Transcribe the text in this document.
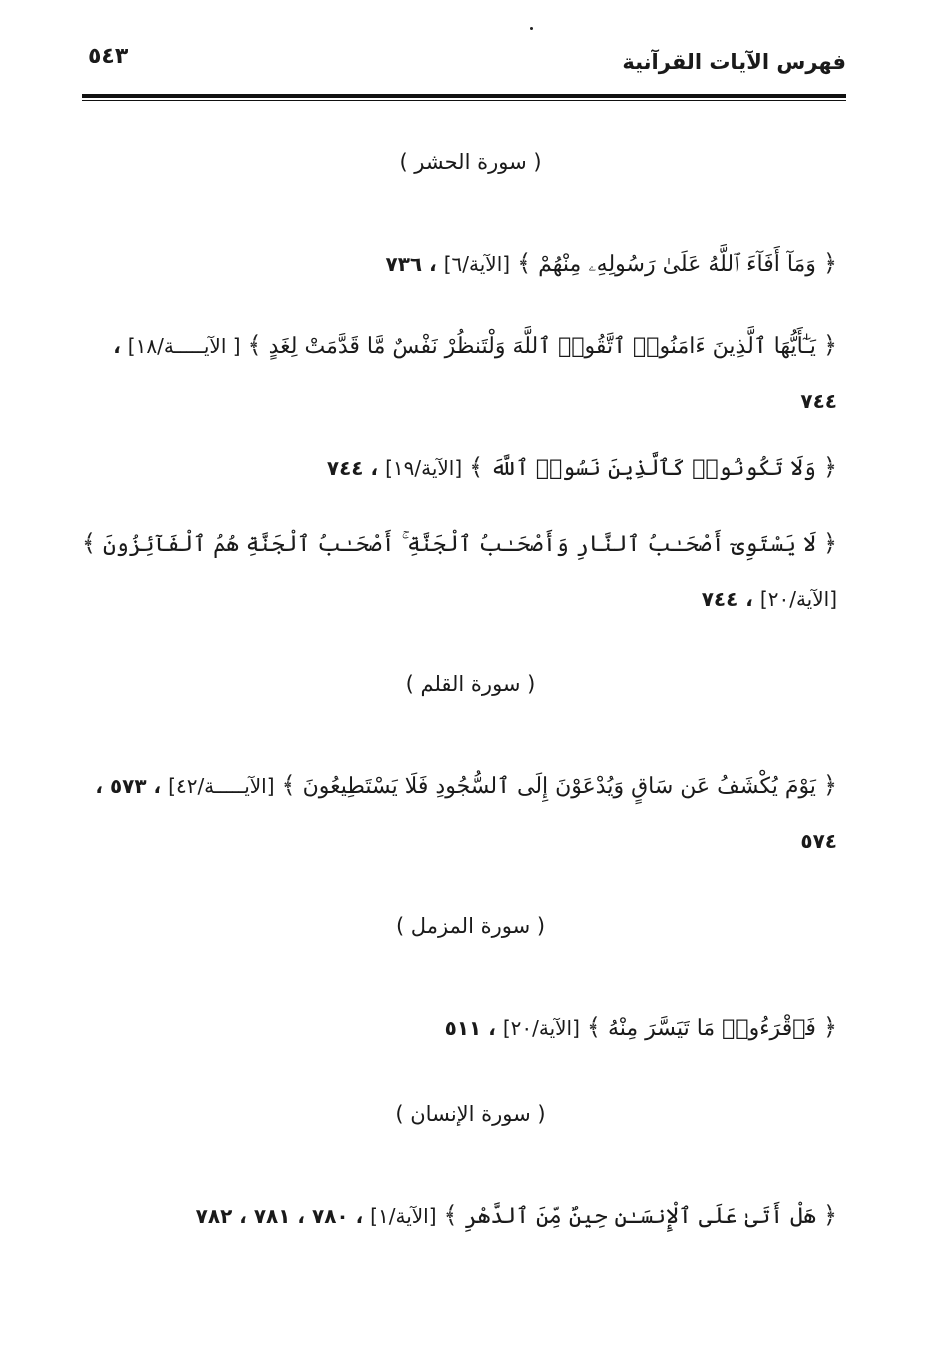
فهرس الآيات القرآنية
٥٤٣
( سورة الحشر )
﴿ وَمَآ أَفَآءَ ٱللَّهُ عَلَىٰ رَسُولِهِۦ مِنْهُمْ ﴾ [الآية/٦] ، ٧٣٦
﴿ يَـٰٓأَيُّهَا ٱلَّذِينَ ءَامَنُوا۟ ٱتَّقُوا۟ ٱللَّهَ وَلْتَنظُرْ نَفْسٌ مَّا قَدَّمَتْ لِغَدٍ ﴾ [ الآيـــــة/١٨] ، ٧٤٤
﴿ وَلَا تَكُونُوا۟ كَٱلَّذِينَ نَسُوا۟ ٱللَّهَ ﴾ [الآية/١٩] ، ٧٤٤
﴿ لَا يَسْتَوِىٓ أَصْحَـٰبُ ٱلنَّارِ وَأَصْحَـٰبُ ٱلْجَنَّةِ ۚ أَصْحَـٰبُ ٱلْجَنَّةِ هُمُ ٱلْفَآئِزُونَ ﴾ [الآية/٢٠] ، ٧٤٤
( سورة القلم )
﴿ يَوْمَ يُكْشَفُ عَن سَاقٍ وَيُدْعَوْنَ إِلَى ٱلسُّجُودِ فَلَا يَسْتَطِيعُونَ ﴾ [الآيـــــة/٤٢] ، ٥٧٣ ، ٥٧٤
( سورة المزمل )
﴿ فَٱقْرَءُوا۟ مَا تَيَسَّرَ مِنْهُ ﴾ [الآية/٢٠] ، ٥١١
( سورة الإنسان )
﴿ هَلْ أَتَىٰ عَلَى ٱلْإِنسَـٰنِ حِينٌ مِّنَ ٱلدَّهْرِ ﴾ [الآية/١] ، ٧٨٠ ، ٧٨١ ، ٧٨٢
